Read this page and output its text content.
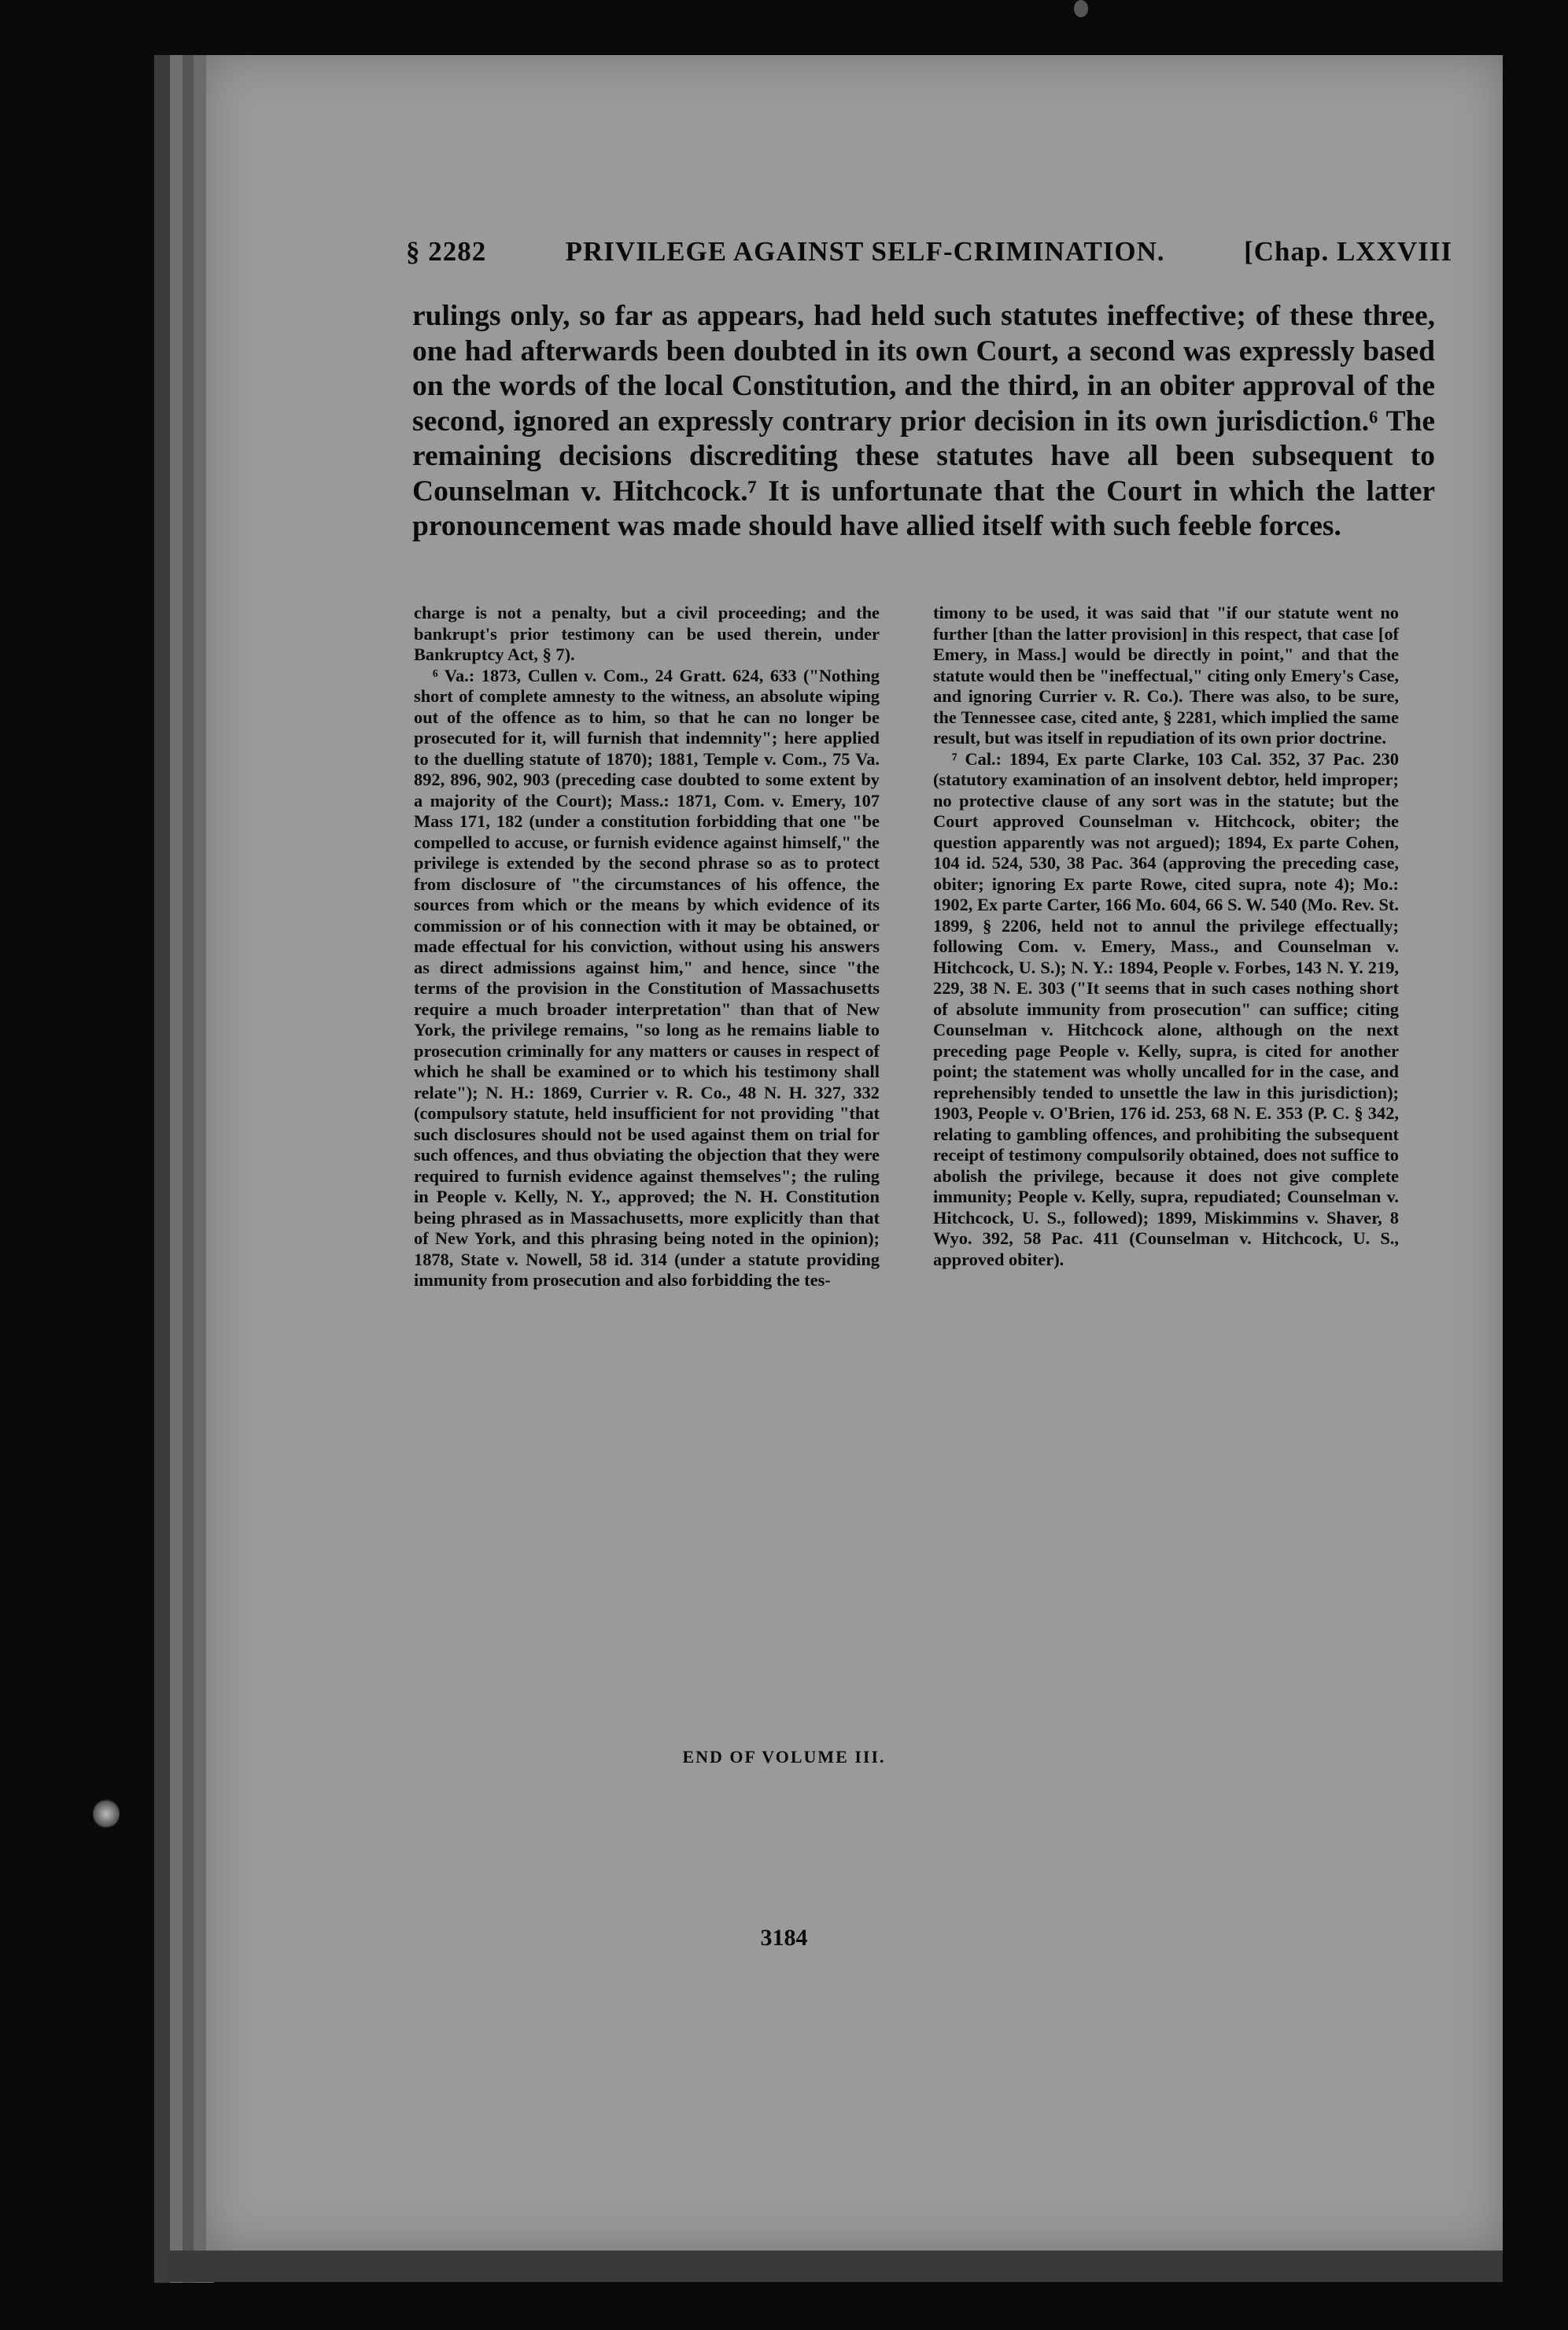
§ 2282	PRIVILEGE AGAINST SELF-CRIMINATION.	[Chap. LXXVIII
rulings only, so far as appears, had held such statutes ineffective; of these three, one had afterwards been doubted in its own Court, a second was expressly based on the words of the local Constitution, and the third, in an obiter approval of the second, ignored an expressly contrary prior decision in its own jurisdiction.⁶ The remaining decisions discrediting these statutes have all been subsequent to Counselman v. Hitchcock.⁷ It is unfortunate that the Court in which the latter pronouncement was made should have allied itself with such feeble forces.

charge is not a penalty, but a civil proceeding; and the bankrupt's prior testimony can be used therein, under Bankruptcy Act, § 7).

⁶ Va.: 1873, Cullen v. Com., 24 Gratt. 624, 633 ("Nothing short of complete amnesty to the witness, an absolute wiping out of the offence as to him, so that he can no longer be prosecuted for it, will furnish that indemnity"; here applied to the duelling statute of 1870); 1881, Temple v. Com., 75 Va. 892, 896, 902, 903 (preceding case doubted to some extent by a majority of the Court); Mass.: 1871, Com. v. Emery, 107 Mass 171, 182 (under a constitution forbidding that one "be compelled to accuse, or furnish evidence against himself," the privilege is extended by the second phrase so as to protect from disclosure of "the circumstances of his offence, the sources from which or the means by which evidence of its commission or of his connection with it may be obtained, or made effectual for his conviction, without using his answers as direct admissions against him," and hence, since "the terms of the provision in the Constitution of Massachusetts require a much broader interpretation" than that of New York, the privilege remains, "so long as he remains liable to prosecution criminally for any matters or causes in respect of which he shall be examined or to which his testimony shall relate"); N. H.: 1869, Currier v. R. Co., 48 N. H. 327, 332 (compulsory statute, held insufficient for not providing "that such disclosures should not be used against them on trial for such offences, and thus obviating the objection that they were required to furnish evidence against themselves"; the ruling in People v. Kelly, N. Y., approved; the N. H. Constitution being phrased as in Massachusetts, more explicitly than that of New York, and this phrasing being noted in the opinion); 1878, State v. Nowell, 58 id. 314 (under a statute providing immunity from prosecution and also forbidding the tes-

timony to be used, it was said that "if our statute went no further [than the latter provision] in this respect, that case [of Emery, in Mass.] would be directly in point," and that the statute would then be "ineffectual," citing only Emery's Case, and ignoring Currier v. R. Co.). There was also, to be sure, the Tennessee case, cited ante, § 2281, which implied the same result, but was itself in repudiation of its own prior doctrine.

⁷ Cal.: 1894, Ex parte Clarke, 103 Cal. 352, 37 Pac. 230 (statutory examination of an insolvent debtor, held improper; no protective clause of any sort was in the statute; but the Court approved Counselman v. Hitchcock, obiter; the question apparently was not argued); 1894, Ex parte Cohen, 104 id. 524, 530, 38 Pac. 364 (approving the preceding case, obiter; ignoring Ex parte Rowe, cited supra, note 4); Mo.: 1902, Ex parte Carter, 166 Mo. 604, 66 S. W. 540 (Mo. Rev. St. 1899, § 2206, held not to annul the privilege effectually; following Com. v. Emery, Mass., and Counselman v. Hitchcock, U. S.); N. Y.: 1894, People v. Forbes, 143 N. Y. 219, 229, 38 N. E. 303 ("It seems that in such cases nothing short of absolute immunity from prosecution" can suffice; citing Counselman v. Hitchcock alone, although on the next preceding page People v. Kelly, supra, is cited for another point; the statement was wholly uncalled for in the case, and reprehensibly tended to unsettle the law in this jurisdiction); 1903, People v. O'Brien, 176 id. 253, 68 N. E. 353 (P. C. § 342, relating to gambling offences, and prohibiting the subsequent receipt of testimony compulsorily obtained, does not suffice to abolish the privilege, because it does not give complete immunity; People v. Kelly, supra, repudiated; Counselman v. Hitchcock, U. S., followed); 1899, Miskimmins v. Shaver, 8 Wyo. 392, 58 Pac. 411 (Counselman v. Hitchcock, U. S., approved obiter).

END OF VOLUME III.
3184
